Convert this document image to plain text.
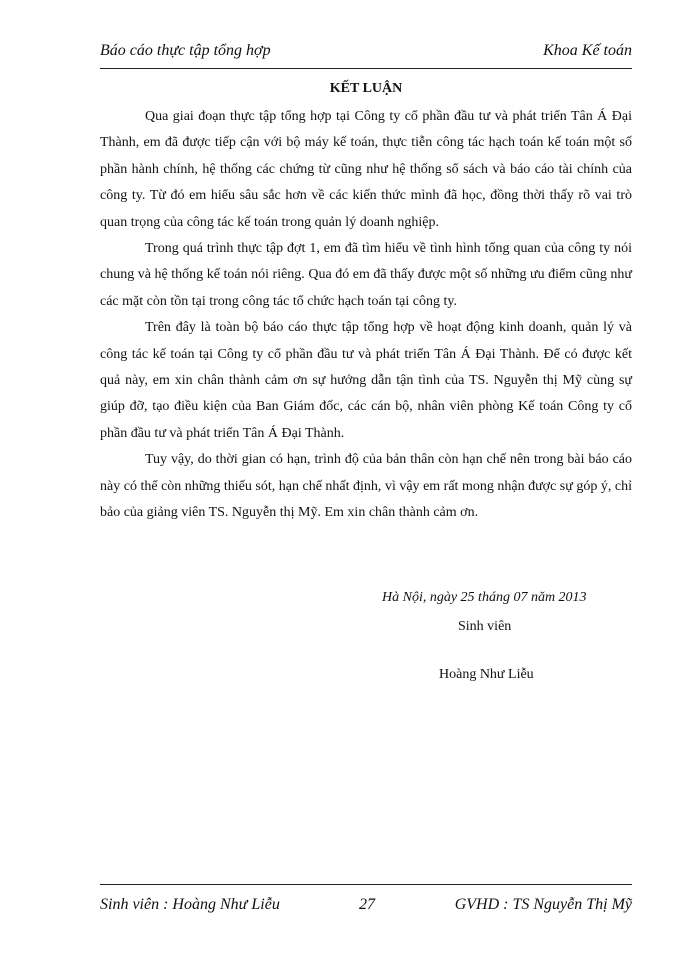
Báo cáo thực tập tổng hợp	Khoa Kế toán
KẾT LUẬN

Qua giai đoạn thực tập tổng hợp tại Công ty cổ phần đầu tư và phát triển Tân Á Đại Thành, em đã được tiếp cận với bộ máy kế toán, thực tiễn công tác hạch toán kế toán một số phần hành chính, hệ thống các chứng từ cũng như hệ thống sổ sách và báo cáo tài chính của công ty. Từ đó em hiểu sâu sắc hơn về các kiến thức mình đã học, đồng thời thấy rõ vai trò quan trọng của công tác kế toán trong quản lý doanh nghiệp.

Trong quá trình thực tập đợt 1, em đã tìm hiểu về tình hình tổng quan của công ty nói chung và hệ thống kế toán nói riêng. Qua đó em đã thấy được một số những ưu điểm cũng như các mặt còn tồn tại trong công tác tổ chức hạch toán tại công ty.

Trên đây là toàn bộ báo cáo thực tập tổng hợp về hoạt động kinh doanh, quản lý và công tác kế toán tại Công ty cổ phần đầu tư và phát triển Tân Á Đại Thành. Để có được kết quả này, em xin chân thành cảm ơn sự hướng dẫn tận tình của TS. Nguyễn thị Mỹ cùng sự giúp đỡ, tạo điều kiện của Ban Giám đốc, các cán bộ, nhân viên phòng Kế toán Công ty cổ phần đầu tư và phát triển Tân Á Đại Thành.

Tuy vậy, do thời gian có hạn, trình độ của bản thân còn hạn chế nên trong bài báo cáo này có thể còn những thiếu sót, hạn chế nhất định, vì vậy em rất mong nhận được sự góp ý, chỉ bảo của giảng viên TS. Nguyễn thị Mỹ. Em xin chân thành cảm ơn.

Hà Nội, ngày 25 tháng 07 năm 2013
Sinh viên
Hoàng Như Liễu
Sinh viên : Hoàng Như Liễu	27	GVHD : TS Nguyễn Thị Mỹ
